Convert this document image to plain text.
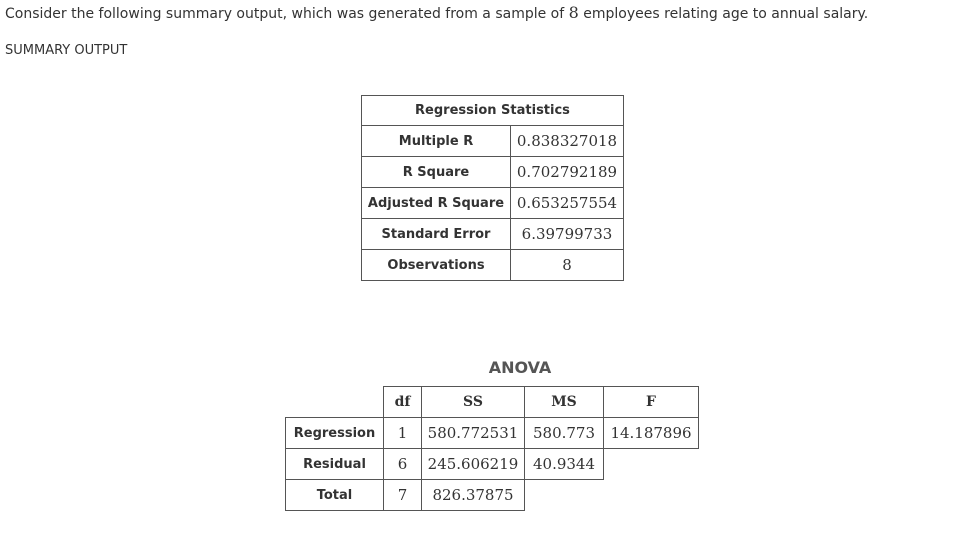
Consider the following summary output, which was generated from a sample of 8 employees relating age to annual salary.
SUMMARY OUTPUT
Regression Statistics	
Multiple R	0.838327018
R Square	0.702792189
Adjusted R Square	0.653257554
Standard Error	6.39799733
Observations	8
ANOVA
	df	SS	MS	F
Regression	1	580.772531	580.773	14.187896
Residual	6	245.606219	40.9344	
Total	7	826.37875		
